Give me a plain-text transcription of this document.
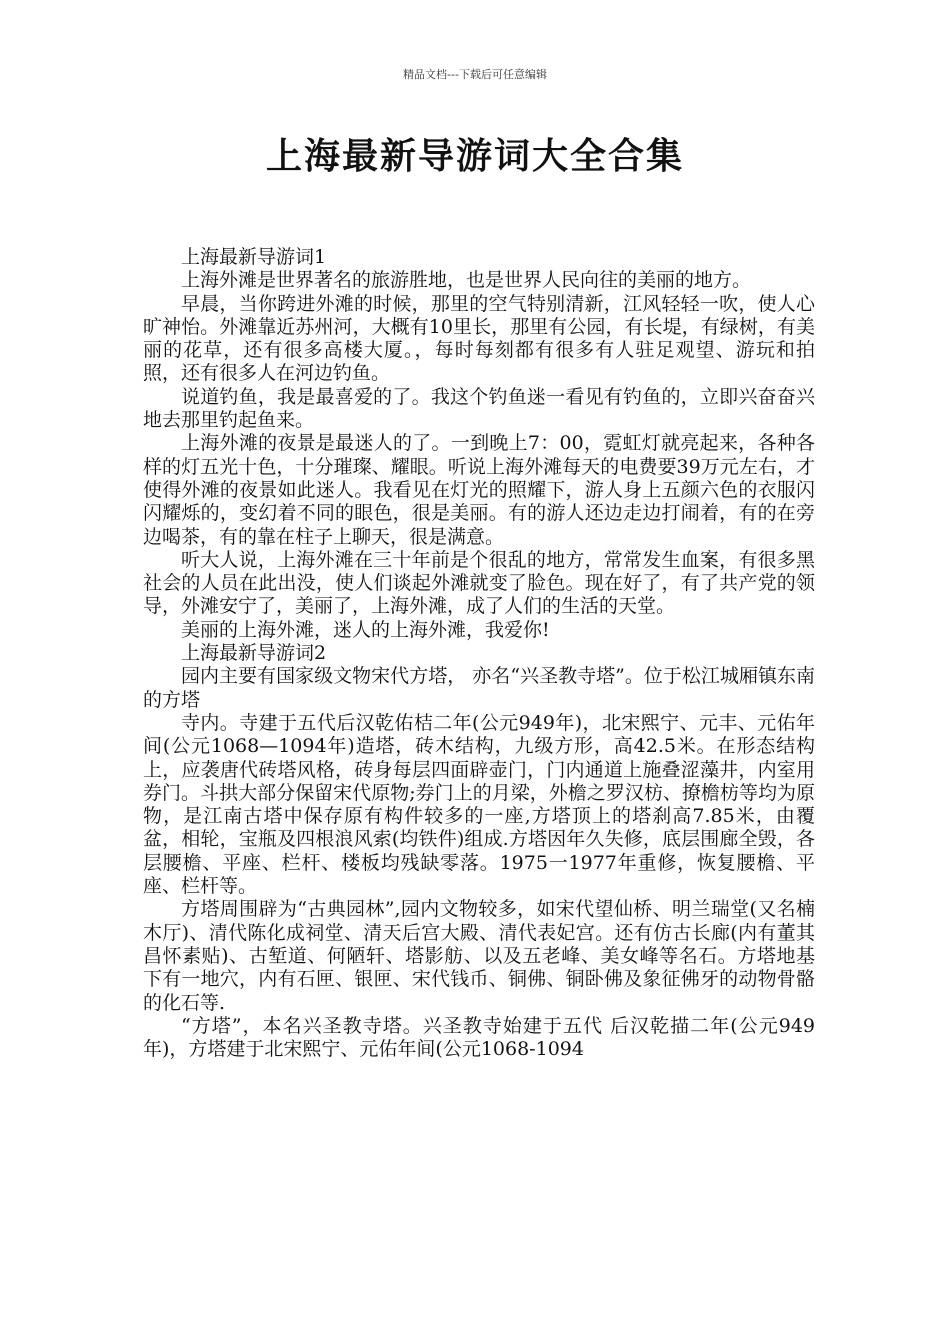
精品文档---下载后可任意编辑
上海最新导游词大全合集

上海最新导游词1

上海外滩是世界著名的旅游胜地，也是世界人民向往的美丽的地方。

早晨，当你跨进外滩的时候，那里的空气特别清新，江风轻轻一吹，使人心旷神怡。外滩靠近苏州河，大概有10里长，那里有公园，有长堤，有绿树，有美丽的花草，还有很多高楼大厦。，每时每刻都有很多有人驻足观望、游玩和拍照，还有很多人在河边钓鱼。

说道钓鱼，我是最喜爱的了。我这个钓鱼迷一看见有钓鱼的，立即兴奋奋兴地去那里钓起鱼来。

上海外滩的夜景是最迷人的了。一到晚上7：00，霓虹灯就亮起来，各种各样的灯五光十色，十分璀璨、耀眼。听说上海外滩每天的电费要39万元左右，才使得外滩的夜景如此迷人。我看见在灯光的照耀下，游人身上五颜六色的衣服闪闪耀烁的，变幻着不同的眼色，很是美丽。有的游人还边走边打闹着，有的在旁边喝茶，有的靠在柱子上聊天，很是满意。

听大人说，上海外滩在三十年前是个很乱的地方，常常发生血案，有很多黑社会的人员在此出没，使人们谈起外滩就变了脸色。现在好了，有了共产党的领导，外滩安宁了，美丽了，上海外滩，成了人们的生活的天堂。

美丽的上海外滩，迷人的上海外滩，我爱你!

上海最新导游词2

园内主要有国家级文物宋代方塔， 亦名“兴圣教寺塔”。位于松江城厢镇东南的方塔

寺内。寺建于五代后汉乾佑桔二年(公元949年)，北宋熙宁、元丰、元佑年间(公元1068—1094年)造塔，砖木结构，九级方形，高42.5米。在形态结构上，应袭唐代砖塔风格，砖身每层四面辟壶门，门内通道上施叠涩藻井，内室用券门。斗拱大部分保留宋代原物;券门上的月梁，外檐之罗汉枋、撩檐枋等均为原物，是江南古塔中保存原有构件较多的一座,方塔顶上的塔刹高7.85米，由覆盆，相轮，宝瓶及四根浪风索(均铁件)组成.方塔因年久失修，底层围廊全毁，各层腰檐、平座、栏杆、楼板均残缺零落。1975一1977年重修，恢复腰檐、平座、栏杆等。

方塔周围辟为“古典园林”,园内文物较多，如宋代望仙桥、明兰瑞堂(又名楠木厅)、清代陈化成祠堂、清天后宫大殿、清代表妃宫。还有仿古长廊(内有董其昌怀素贴)、古堑道、何陋轩、塔影舫、以及五老峰、美女峰等名石。方塔地基下有一地穴，内有石匣、银匣、宋代钱币、铜佛、铜卧佛及象征佛牙的动物骨骼的化石等.

“方塔”，本名兴圣教寺塔。兴圣教寺始建于五代 后汉乾描二年(公元949年)，方塔建于北宋熙宁、元佑年间(公元1068-1094
